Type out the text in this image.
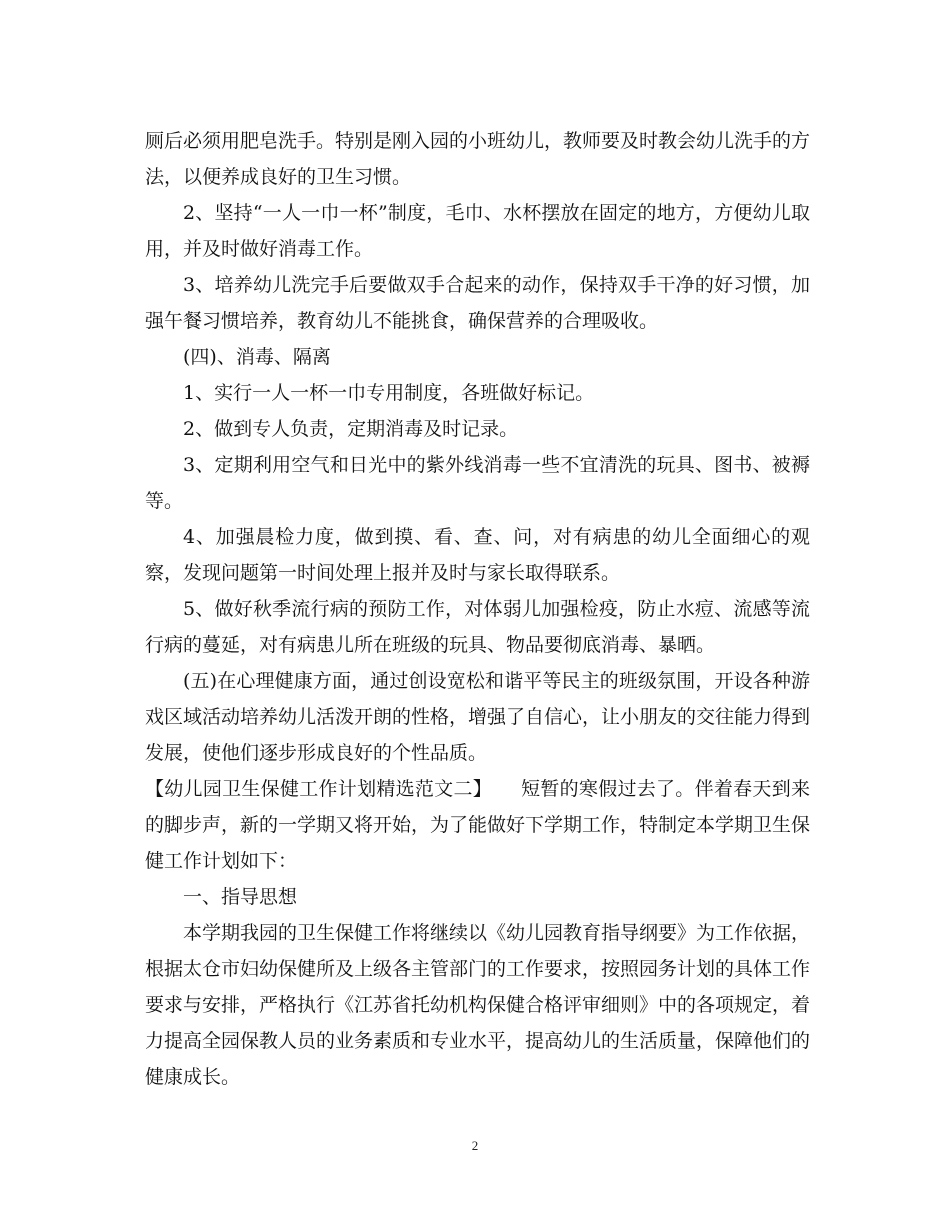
厕后必须用肥皂洗手。特别是刚入园的小班幼儿，教师要及时教会幼儿洗手的方法，以便养成良好的卫生习惯。

2、坚持“一人一巾一杯”制度，毛巾、水杯摆放在固定的地方，方便幼儿取用，并及时做好消毒工作。

3、培养幼儿洗完手后要做双手合起来的动作，保持双手干净的好习惯，加强午餐习惯培养，教育幼儿不能挑食，确保营养的合理吸收。

(四)、消毒、隔离

1、实行一人一杯一巾专用制度，各班做好标记。

2、做到专人负责，定期消毒及时记录。

3、定期利用空气和日光中的紫外线消毒一些不宜清洗的玩具、图书、被褥等。

4、加强晨检力度，做到摸、看、查、问，对有病患的幼儿全面细心的观察，发现问题第一时间处理上报并及时与家长取得联系。

5、做好秋季流行病的预防工作，对体弱儿加强检疫，防止水痘、流感等流行病的蔓延，对有病患儿所在班级的玩具、物品要彻底消毒、暴晒。

(五)在心理健康方面，通过创设宽松和谐平等民主的班级氛围，开设各种游戏区域活动培养幼儿活泼开朗的性格，增强了自信心，让小朋友的交往能力得到发展，使他们逐步形成良好的个性品质。

【幼儿园卫生保健工作计划精选范文二】　　短暂的寒假过去了。伴着春天到来的脚步声，新的一学期又将开始，为了能做好下学期工作，特制定本学期卫生保健工作计划如下：

一、指导思想

本学期我园的卫生保健工作将继续以《幼儿园教育指导纲要》为工作依据，根据太仓市妇幼保健所及上级各主管部门的工作要求，按照园务计划的具体工作要求与安排，严格执行《江苏省托幼机构保健合格评审细则》中的各项规定，着力提高全园保教人员的业务素质和专业水平，提高幼儿的生活质量，保障他们的健康成长。

2
